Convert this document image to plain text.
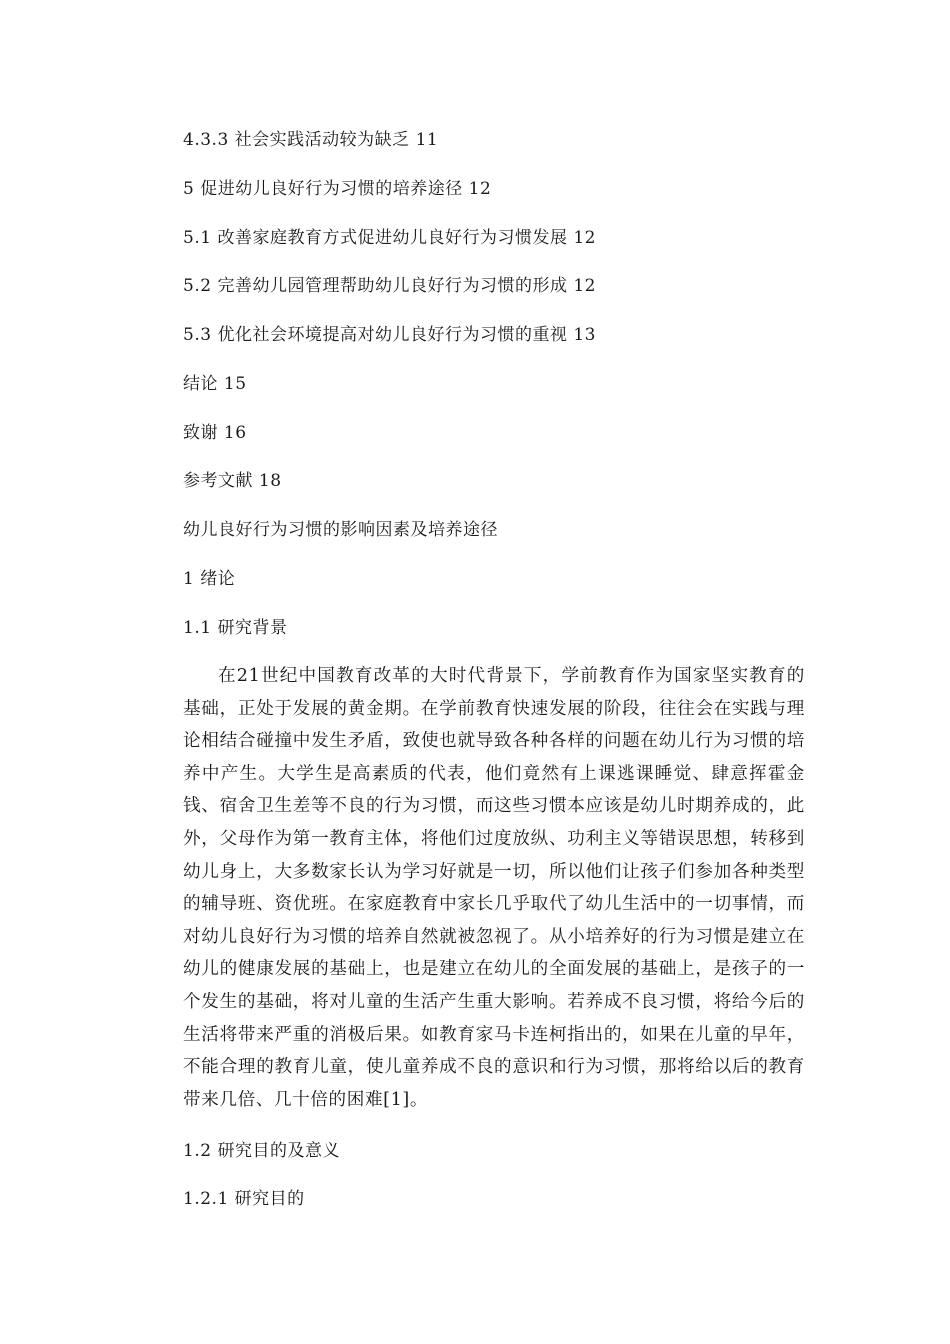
4.3.3 社会实践活动较为缺乏 11
5 促进幼儿良好行为习惯的培养途径 12
5.1 改善家庭教育方式促进幼儿良好行为习惯发展 12
5.2 完善幼儿园管理帮助幼儿良好行为习惯的形成 12
5.3 优化社会环境提高对幼儿良好行为习惯的重视 13
结论 15
致谢 16
参考文献 18
幼儿良好行为习惯的影响因素及培养途径
1 绪论
1.1 研究背景
在21世纪中国教育改革的大时代背景下，学前教育作为国家坚实教育的基础，正处于发展的黄金期。在学前教育快速发展的阶段，往往会在实践与理论相结合碰撞中发生矛盾，致使也就导致各种各样的问题在幼儿行为习惯的培养中产生。大学生是高素质的代表，他们竟然有上课逃课睡觉、肆意挥霍金钱、宿舍卫生差等不良的行为习惯，而这些习惯本应该是幼儿时期养成的，此外，父母作为第一教育主体，将他们过度放纵、功利主义等错误思想，转移到幼儿身上，大多数家长认为学习好就是一切，所以他们让孩子们参加各种类型的辅导班、资优班。在家庭教育中家长几乎取代了幼儿生活中的一切事情，而对幼儿良好行为习惯的培养自然就被忽视了。从小培养好的行为习惯是建立在幼儿的健康发展的基础上，也是建立在幼儿的全面发展的基础上，是孩子的一个发生的基础，将对儿童的生活产生重大影响。若养成不良习惯，将给今后的生活将带来严重的消极后果。如教育家马卡连柯指出的，如果在儿童的早年，不能合理的教育儿童，使儿童养成不良的意识和行为习惯，那将给以后的教育带来几倍、几十倍的困难[1]。
1.2 研究目的及意义
1.2.1 研究目的
